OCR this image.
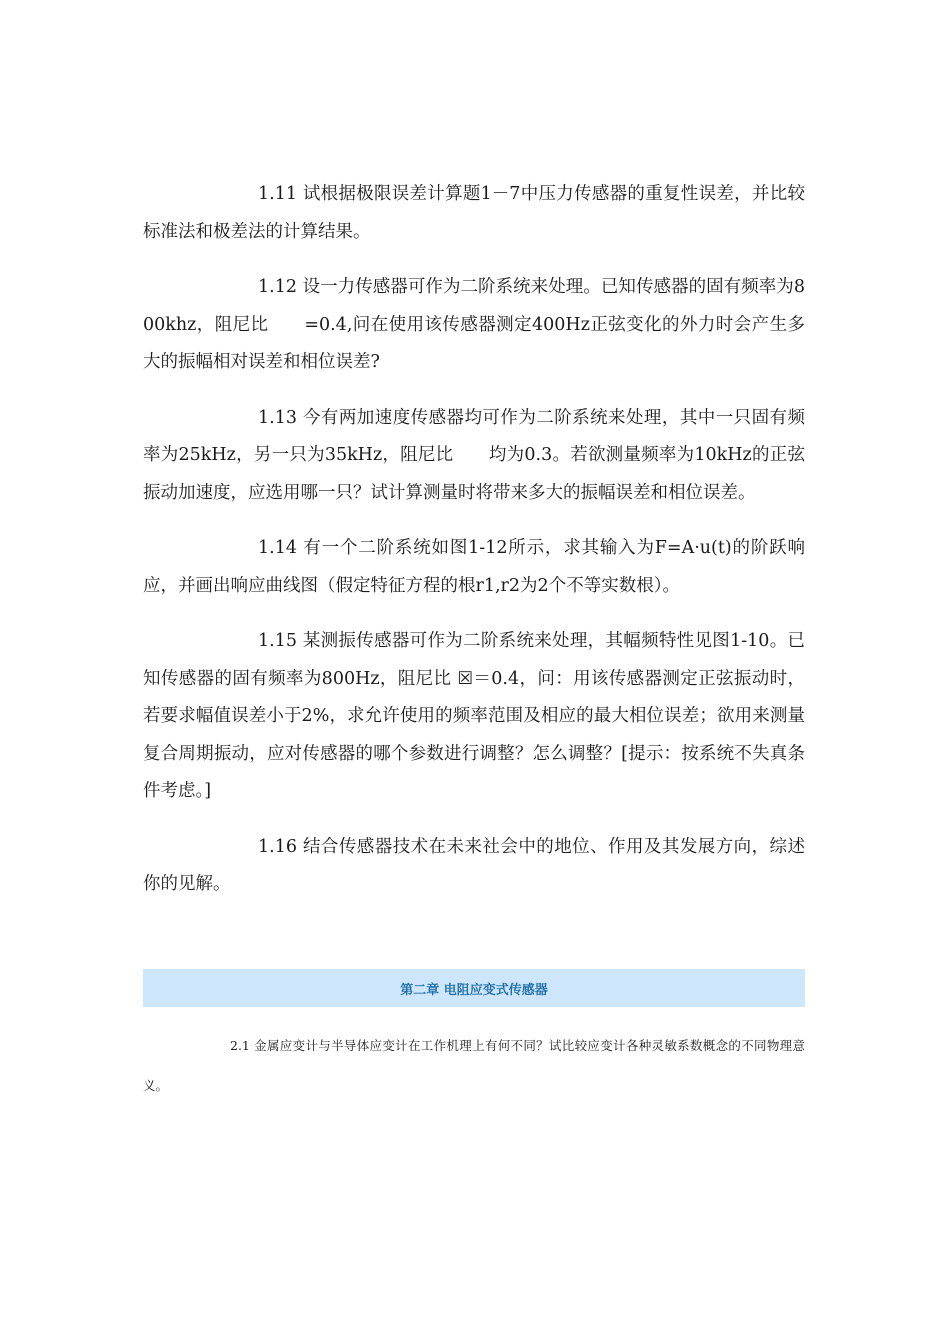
1.11 试根据极限误差计算题1－7中压力传感器的重复性误差，并比较标准法和极差法的计算结果。

1.12 设一力传感器可作为二阶系统来处理。已知传感器的固有频率为800khz，阻尼比　　=0.4,问在使用该传感器测定400Hz正弦变化的外力时会产生多大的振幅相对误差和相位误差?

1.13 今有两加速度传感器均可作为二阶系统来处理，其中一只固有频率为25kHz，另一只为35kHz，阻尼比　　均为0.3。若欲测量频率为10kHz的正弦振动加速度，应选用哪一只？试计算测量时将带来多大的振幅误差和相位误差。

1.14 有一个二阶系统如图1-12所示，求其输入为F=A·u(t)的阶跃响应，并画出响应曲线图（假定特征方程的根r1,r2为2个不等实数根）。

1.15 某测振传感器可作为二阶系统来处理，其幅频特性见图1-10。已知传感器的固有频率为800Hz，阻尼比 ☒＝0.4，问：用该传感器测定正弦振动时，若要求幅值误差小于2%，求允许使用的频率范围及相应的最大相位误差；欲用来测量复合周期振动，应对传感器的哪个参数进行调整？怎么调整？[提示：按系统不失真条件考虑。]

1.16 结合传感器技术在未来社会中的地位、作用及其发展方向，综述你的见解。

第二章 电阻应变式传感器

2.1 金属应变计与半导体应变计在工作机理上有何不同？试比较应变计各种灵敏系数概念的不同物理意义。
